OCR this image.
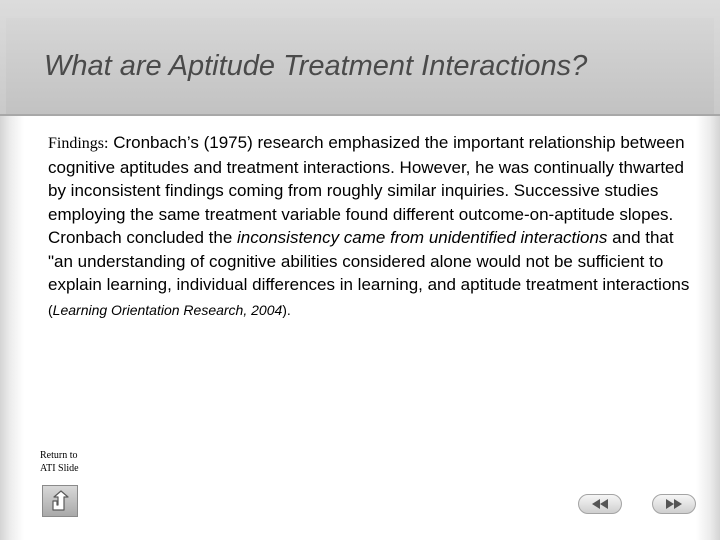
What are Aptitude Treatment Interactions?

Findings: Cronbach’s (1975) research emphasized the important relationship between cognitive aptitudes and treatment interactions. However, he was continually thwarted by inconsistent findings coming from roughly similar inquiries. Successive studies employing the same treatment variable found different outcome-on-aptitude slopes.

Cronbach concluded the inconsistency came from unidentified interactions and that "an understanding of cognitive abilities considered alone would not be sufficient to explain learning, individual differences in learning, and aptitude treatment interactions (Learning Orientation Research, 2004).

Return to
ATI Slide
